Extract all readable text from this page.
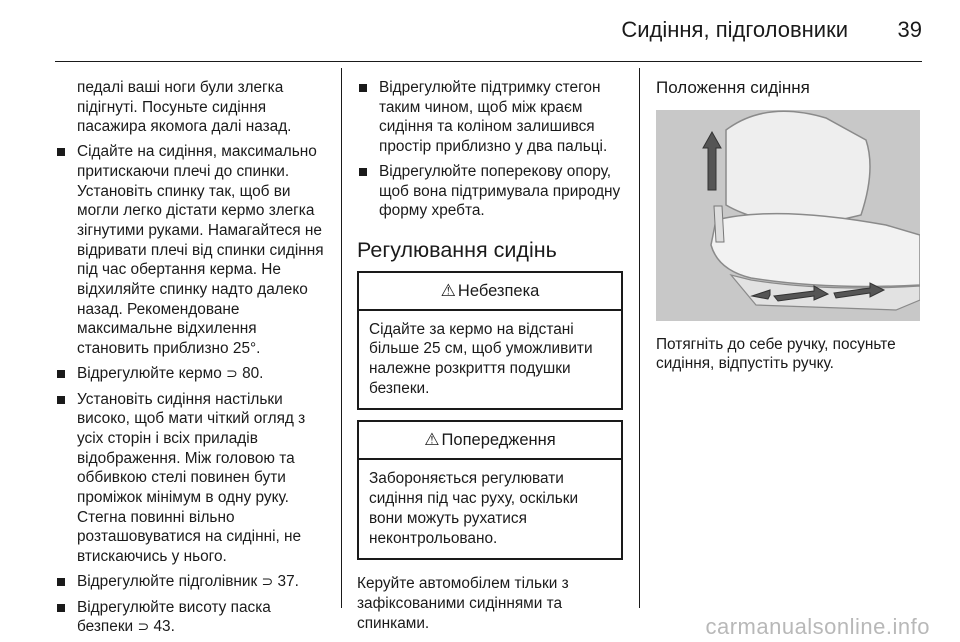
Сидіння, підголовники 39

педалі ваші ноги були злегка підігнуті. Посуньте сидіння пасажира якомога далі назад.

Сідайте на сидіння, максимально притискаючи плечі до спинки. Установіть спинку так, щоб ви могли легко дістати кермо злегка зігнутими руками. Намагайтеся не відривати плечі від спинки сидіння під час обертання керма. Не відхиляйте спинку надто далеко назад. Рекомендоване максимальне відхилення становить приблизно 25°.
Відрегулюйте кермо ⊃ 80.
Установіть сидіння настільки високо, щоб мати чіткий огляд з усіх сторін і всіх приладів відображення. Між головою та оббивкою стелі повинен бути проміжок мінімум в одну руку. Стегна повинні вільно розташовуватися на сидінні, не втискаючись у нього.
Відрегулюйте підголівник ⊃ 37.
Відрегулюйте висоту паска безпеки ⊃ 43.
Відрегулюйте підтримку стегон таким чином, щоб між краєм сидіння та коліном залишився простір приблизно у два пальці.
Відрегулюйте поперекову опору, щоб вона підтримувала природну форму хребта.
Регулювання сидінь
⚠ Небезпека
Сідайте за кермо на відстані більше 25 см, щоб уможливити належне розкриття подушки безпеки.
⚠ Попередження
Забороняється регулювати сидіння під час руху, оскільки вони можуть рухатися неконтрольовано.

Керуйте автомобілем тільки з зафіксованими сидіннями та спинками.

Положення сидіння

Потягніть до себе ручку, посуньте сидіння, відпустіть ручку.

carmanualsonline.info
